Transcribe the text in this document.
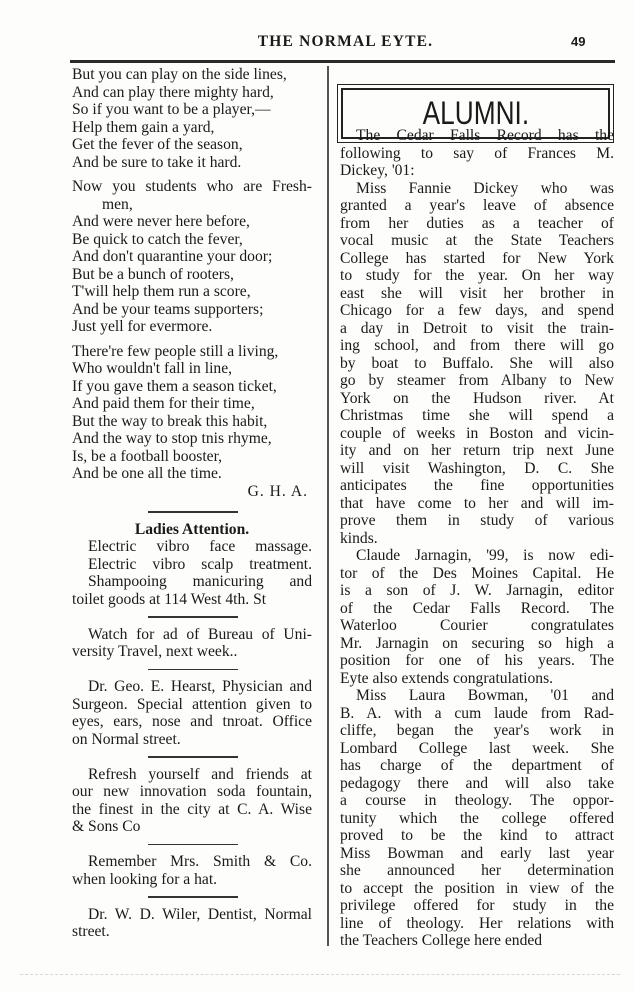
THE NORMAL EYTE.	49
But you can play on the side lines,
And can play there mighty hard,
So if you want to be a player,—
Help them gain a yard,
Get the fever of the season,
And be sure to take it hard.
Now you students who are Fresh-
men,
And were never here before,
Be quick to catch the fever,
And don't quarantine your door;
But be a bunch of rooters,
T'will help them run a score,
And be your teams supporters;
Just yell for evermore.
There're few people still a living,
Who wouldn't fall in line,
If you gave them a season ticket,
And paid them for their time,
But the way to break this habit,
And the way to stop tnis rhyme,
Is, be a football booster,
And be one all the time.
G. H. A.
Ladies Attention.
Electric vibro face massage.
Electric vibro scalp treatment.
Shampooing manicuring and
toilet goods at 114 West 4th. St
Watch for ad of Bureau of Uni-
versity Travel, next week..
Dr. Geo. E. Hearst, Physician and
Surgeon. Special attention given to
eyes, ears, nose and tnroat. Office
on Normal street.
Refresh yourself and friends at
our new innovation soda fountain,
the finest in the city at C. A. Wise
& Sons Co
Remember Mrs. Smith & Co.
when looking for a hat.
Dr. W. D. Wiler, Dentist, Normal
street.
ALUMNI.
The Cedar Falls Record has the
following to say of Frances M.
Dickey, '01:
Miss Fannie Dickey who was
granted a year's leave of absence
from her duties as a teacher of
vocal music at the State Teachers
College has started for New York
to study for the year. On her way
east she will visit her brother in
Chicago for a few days, and spend
a day in Detroit to visit the train-
ing school, and from there will go
by boat to Buffalo. She will also
go by steamer from Albany to New
York on the Hudson river. At
Christmas time she will spend a
couple of weeks in Boston and vicin-
ity and on her return trip next June
will visit Washington, D. C. She
anticipates the fine opportunities
that have come to her and will im-
prove them in study of various
kinds.
Claude Jarnagin, '99, is now edi-
tor of the Des Moines Capital. He
is a son of J. W. Jarnagin, editor
of the Cedar Falls Record. The
Waterloo Courier congratulates
Mr. Jarnagin on securing so high a
position for one of his years. The
Eyte also extends congratulations.
Miss Laura Bowman, '01 and
B. A. with a cum laude from Rad-
cliffe, began the year's work in
Lombard College last week. She
has charge of the department of
pedagogy there and will also take
a course in theology. The oppor-
tunity which the college offered
proved to be the kind to attract
Miss Bowman and early last year
she announced her determination
to accept the position in view of the
privilege offered for study in the
line of theology. Her relations with
the Teachers College here ended
